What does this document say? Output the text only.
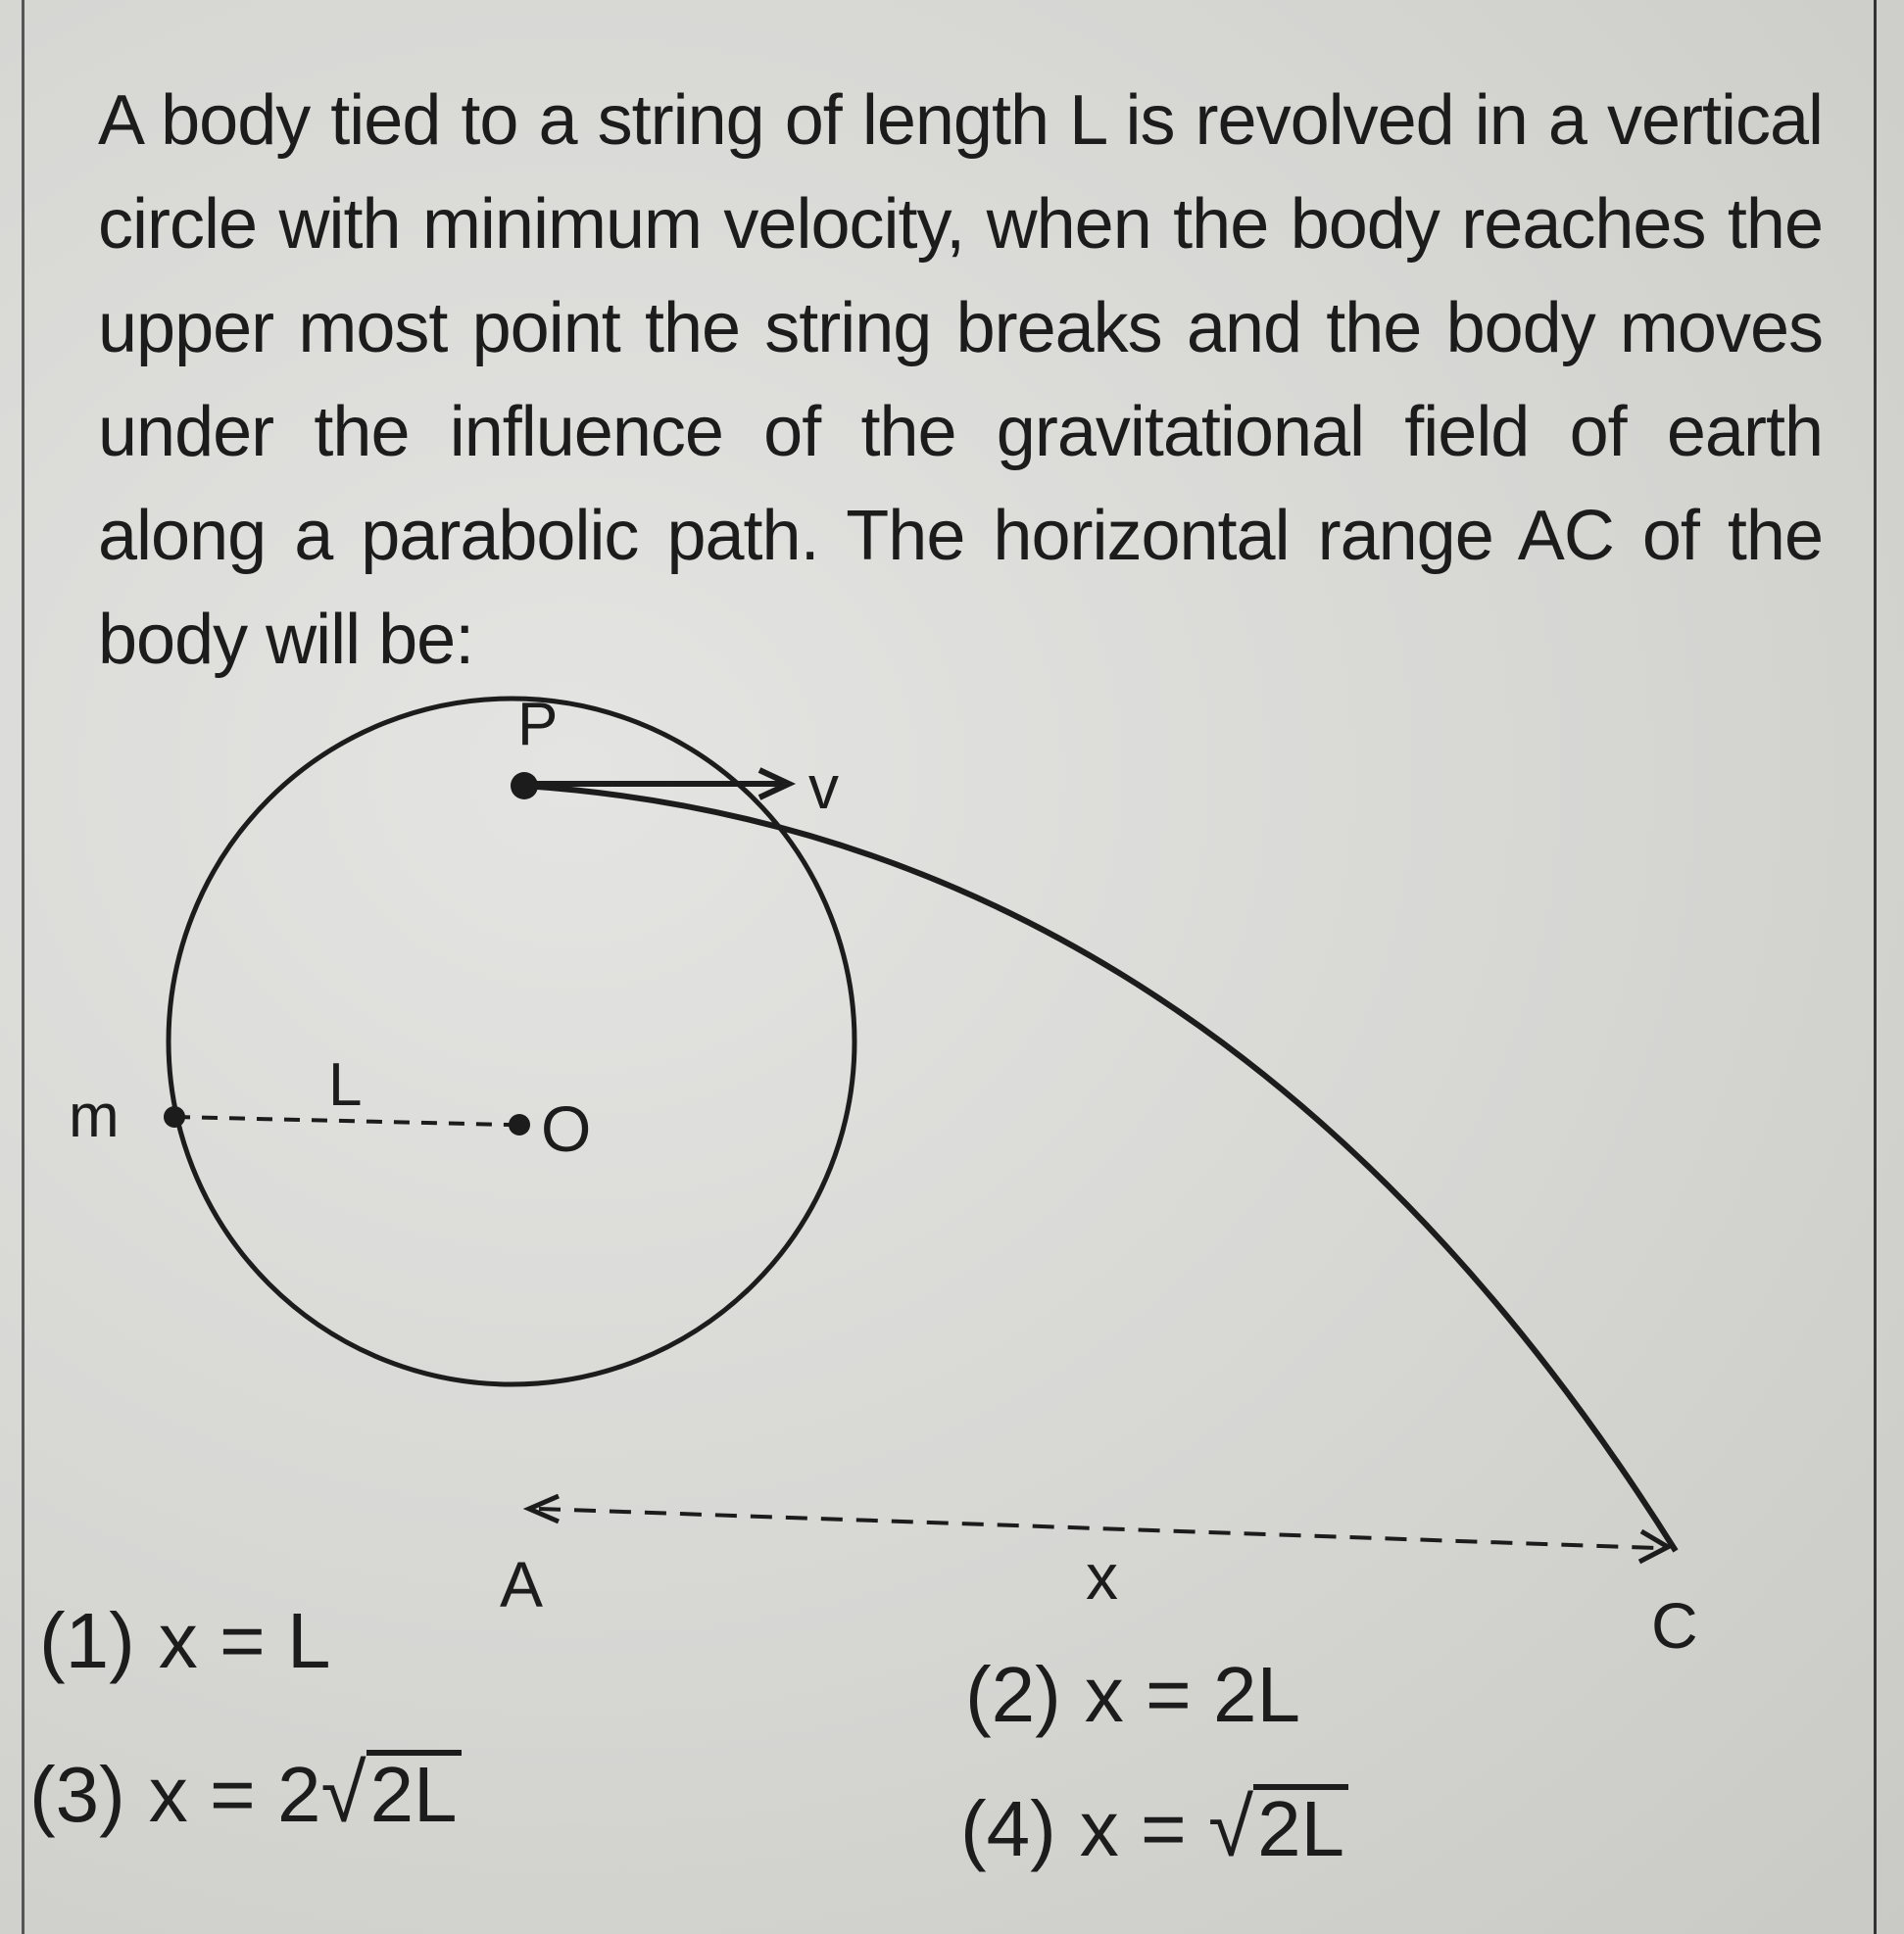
A body tied to a string of length L is revolved in a vertical circle with minimum velocity, when the body reaches the upper most point the string breaks and the body moves under the influence of the gravitational field of earth along a parabolic path. The horizontal range AC of the body will be:

P
v
m	L
O
A	x
C
(1) x = L
(2) x = 2L
(3) x = 2√2L	(4) x = √2L
